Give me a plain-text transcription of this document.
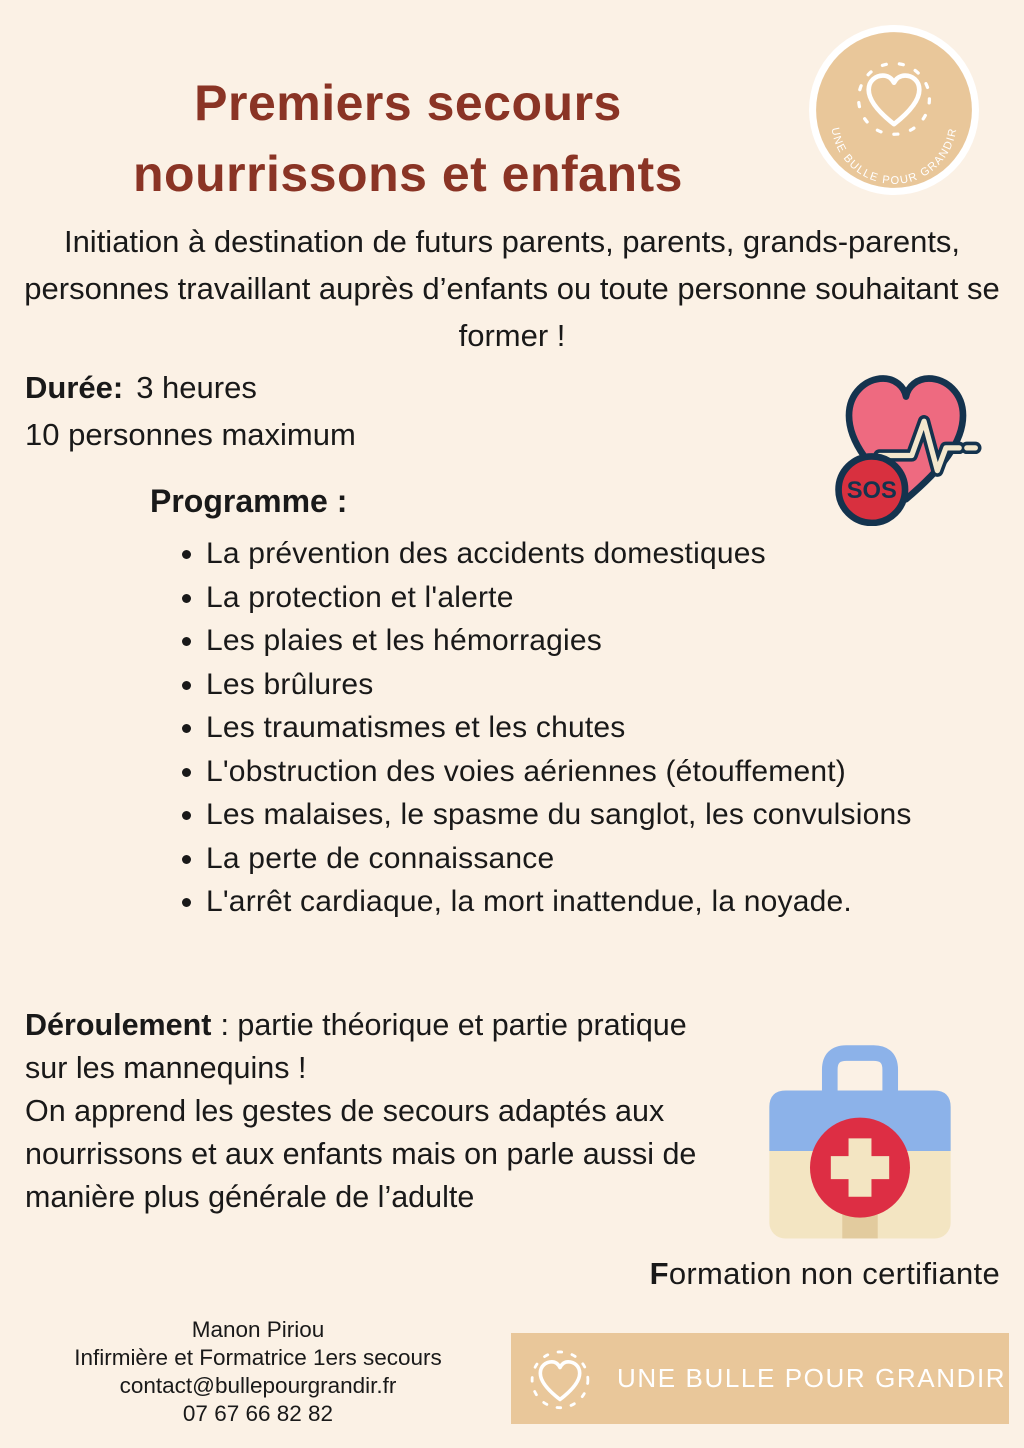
Premiers secours
nourrissons et enfants
UNE BULLE POUR GRANDIR

Initiation à destination de futurs parents, parents, grands-parents, personnes travaillant auprès d’enfants ou toute personne souhaitant se former !

Durée: 3 heures
10 personnes maximum
SOS
Programme :
• La prévention des accidents domestiques
• La protection et l'alerte
• Les plaies et les hémorragies
• Les brûlures
• Les traumatismes et les chutes
• L'obstruction des voies aériennes (étouffement)
• Les malaises, le spasme du sanglot, les convulsions
• La perte de connaissance
• L'arrêt cardiaque, la mort inattendue, la noyade.

Déroulement : partie théorique et partie pratique sur les mannequins !

On apprend les gestes de secours adaptés aux nourrissons et aux enfants mais on parle aussi de manière plus générale de l’adulte

Formation non certifiante

Manon Piriou
Infirmière et Formatrice 1ers secours
contact@bullepourgrandir.fr
07 67 66 82 82
UNE BULLE POUR GRANDIR
